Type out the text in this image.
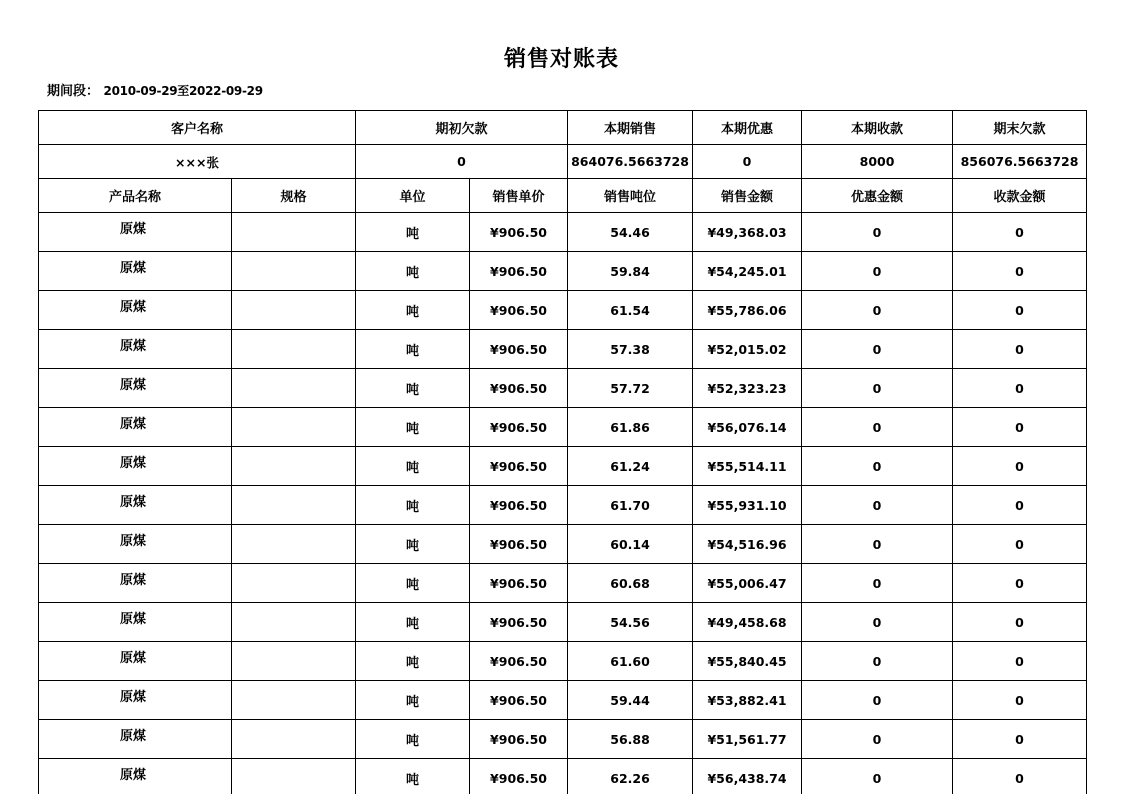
销售对账表
期间段： 2010-09-29至2022-09-29
客户名称		期初欠款		本期销售	本期优惠	本期收款	期末欠款
×××张		0		864076.5663728	0	8000	856076.5663728
产品名称	规格	单位	销售单价	销售吨位	销售金额	优惠金额	收款金额
原煤		吨	¥906.50	54.46	¥49,368.03	0	0
原煤		吨	¥906.50	59.84	¥54,245.01	0	0
原煤		吨	¥906.50	61.54	¥55,786.06	0	0
原煤		吨	¥906.50	57.38	¥52,015.02	0	0
原煤		吨	¥906.50	57.72	¥52,323.23	0	0
原煤		吨	¥906.50	61.86	¥56,076.14	0	0
原煤		吨	¥906.50	61.24	¥55,514.11	0	0
原煤		吨	¥906.50	61.70	¥55,931.10	0	0
原煤		吨	¥906.50	60.14	¥54,516.96	0	0
原煤		吨	¥906.50	60.68	¥55,006.47	0	0
原煤		吨	¥906.50	54.56	¥49,458.68	0	0
原煤		吨	¥906.50	61.60	¥55,840.45	0	0
原煤		吨	¥906.50	59.44	¥53,882.41	0	0
原煤		吨	¥906.50	56.88	¥51,561.77	0	0
原煤		吨	¥906.50	62.26	¥56,438.74	0	0
